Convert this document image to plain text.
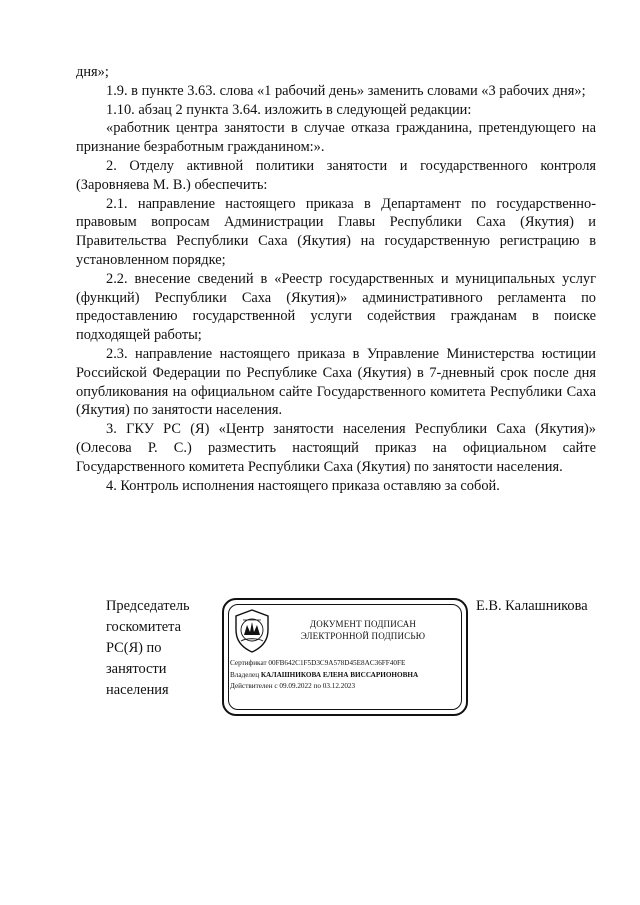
дня»;

1.9. в пункте 3.63. слова «1 рабочий день» заменить словами «3 рабочих дня»;

1.10. абзац 2 пункта 3.64. изложить в следующей редакции:

«работник центра занятости в случае отказа гражданина, претендующего на признание безработным гражданином:».

2. Отделу активной политики занятости и государственного контроля (Заровняева М. В.) обеспечить:

2.1. направление настоящего приказа в Департамент по государственно-правовым вопросам Администрации Главы Республики Саха (Якутия) и Правительства Республики Саха (Якутия) на государственную регистрацию в установленном порядке;

2.2. внесение сведений в «Реестр государственных и муниципальных услуг (функций) Республики Саха (Якутия)» административного регламента по предоставлению государственной услуги содействия гражданам в поиске подходящей работы;

2.3. направление настоящего приказа в Управление Министерства юстиции Российской Федерации по Республике Саха (Якутия) в 7-дневный срок после дня опубликования на официальном сайте Государственного комитета Республики Саха (Якутия) по занятости населения.

3. ГКУ РС (Я) «Центр занятости населения Республики Саха (Якутия)» (Олесова Р. С.) разместить настоящий приказ на официальном сайте Государственного комитета Республики Саха (Якутия) по занятости населения.

4. Контроль исполнения настоящего приказа оставляю за собой.

Председатель
госкомитета
РС(Я) по
занятости
населения
ДОКУМЕНТ ПОДПИСАН
ЭЛЕКТРОННОЙ ПОДПИСЬЮ
Сертификат 00FB642C1F5D3C9A578D45E8AC36FF40FE
Владелец КАЛАШНИКОВА ЕЛЕНА ВИССАРИОНОВНА
Действителен с 09.09.2022 по 03.12.2023
Е.В. Калашникова
